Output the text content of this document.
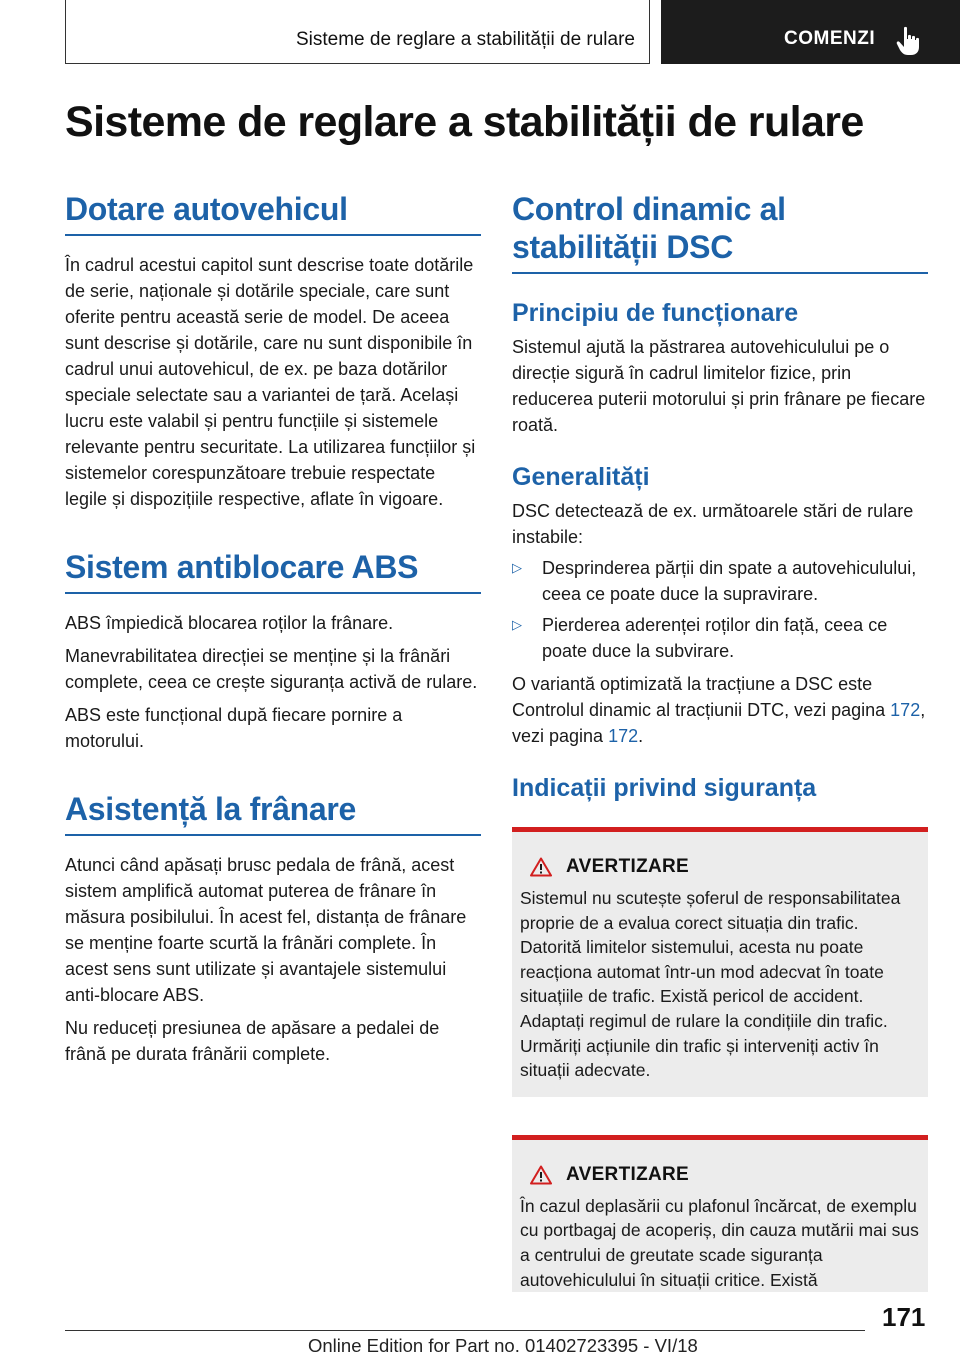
Sisteme de reglare a stabilității de rulare	COMENZI
Sisteme de reglare a stabilității de rulare
Dotare autovehicul

În cadrul acestui capitol sunt descrise toate dotările de serie, naționale și dotările speciale, care sunt oferite pentru această serie de model. De aceea sunt descrise și dotările, care nu sunt disponibile în cadrul unui autovehicul, de ex. pe baza dotărilor speciale selectate sau a variantei de țară. Același lucru este valabil și pentru funcțiile și sistemele relevante pentru securitate. La utilizarea funcțiilor și sistemelor corespunzătoare trebuie respectate legile și dispozițiile respective, aflate în vigoare.

Sistem antiblocare ABS

ABS împiedică blocarea roților la frânare.

Manevrabilitatea direcției se menține și la frânări complete, ceea ce crește siguranța activă de rulare.

ABS este funcțional după fiecare pornire a motorului.

Asistență la frânare

Atunci când apăsați brusc pedala de frână, acest sistem amplifică automat puterea de frânare în măsura posibilului. În acest fel, distanța de frânare se menține foarte scurtă la frânări complete. În acest sens sunt utilizate și avantajele sistemului anti-blocare ABS.

Nu reduceți presiunea de apăsare a pedalei de frână pe durata frânării complete.

Control dinamic al stabilității DSC
Principiu de funcționare

Sistemul ajută la păstrarea autovehiculului pe o direcție sigură în cadrul limitelor fizice, prin reducerea puterii motorului și prin frânare pe fiecare roată.

Generalități

DSC detectează de ex. următoarele stări de rulare instabile:

▷ Desprinderea părții din spate a autovehiculului, ceea ce poate duce la supravirare.
▷ Pierderea aderenței roților din față, ceea ce poate duce la subvirare.

O variantă optimizată la tracțiune a DSC este Controlul dinamic al tracțiunii DTC, vezi pagina 172, vezi pagina 172.

Indicații privind siguranța
AVERTIZARE

Sistemul nu scutește șoferul de responsabilitatea proprie de a evalua corect situația din trafic. Datorită limitelor sistemului, acesta nu poate reacționa automat într-un mod adecvat în toate situațiile de trafic. Există pericol de accident. Adaptați regimul de rulare la condițiile din trafic. Urmăriți acțiunile din trafic și interveniți activ în situații adecvate.

AVERTIZARE

În cazul deplasării cu plafonul încărcat, de exemplu cu portbagaj de acoperiș, din cauza mutării mai sus a centrului de greutate scade siguranța autovehiculului în situații critice. Există

171
Online Edition for Part no. 01402723395 - VI/18
